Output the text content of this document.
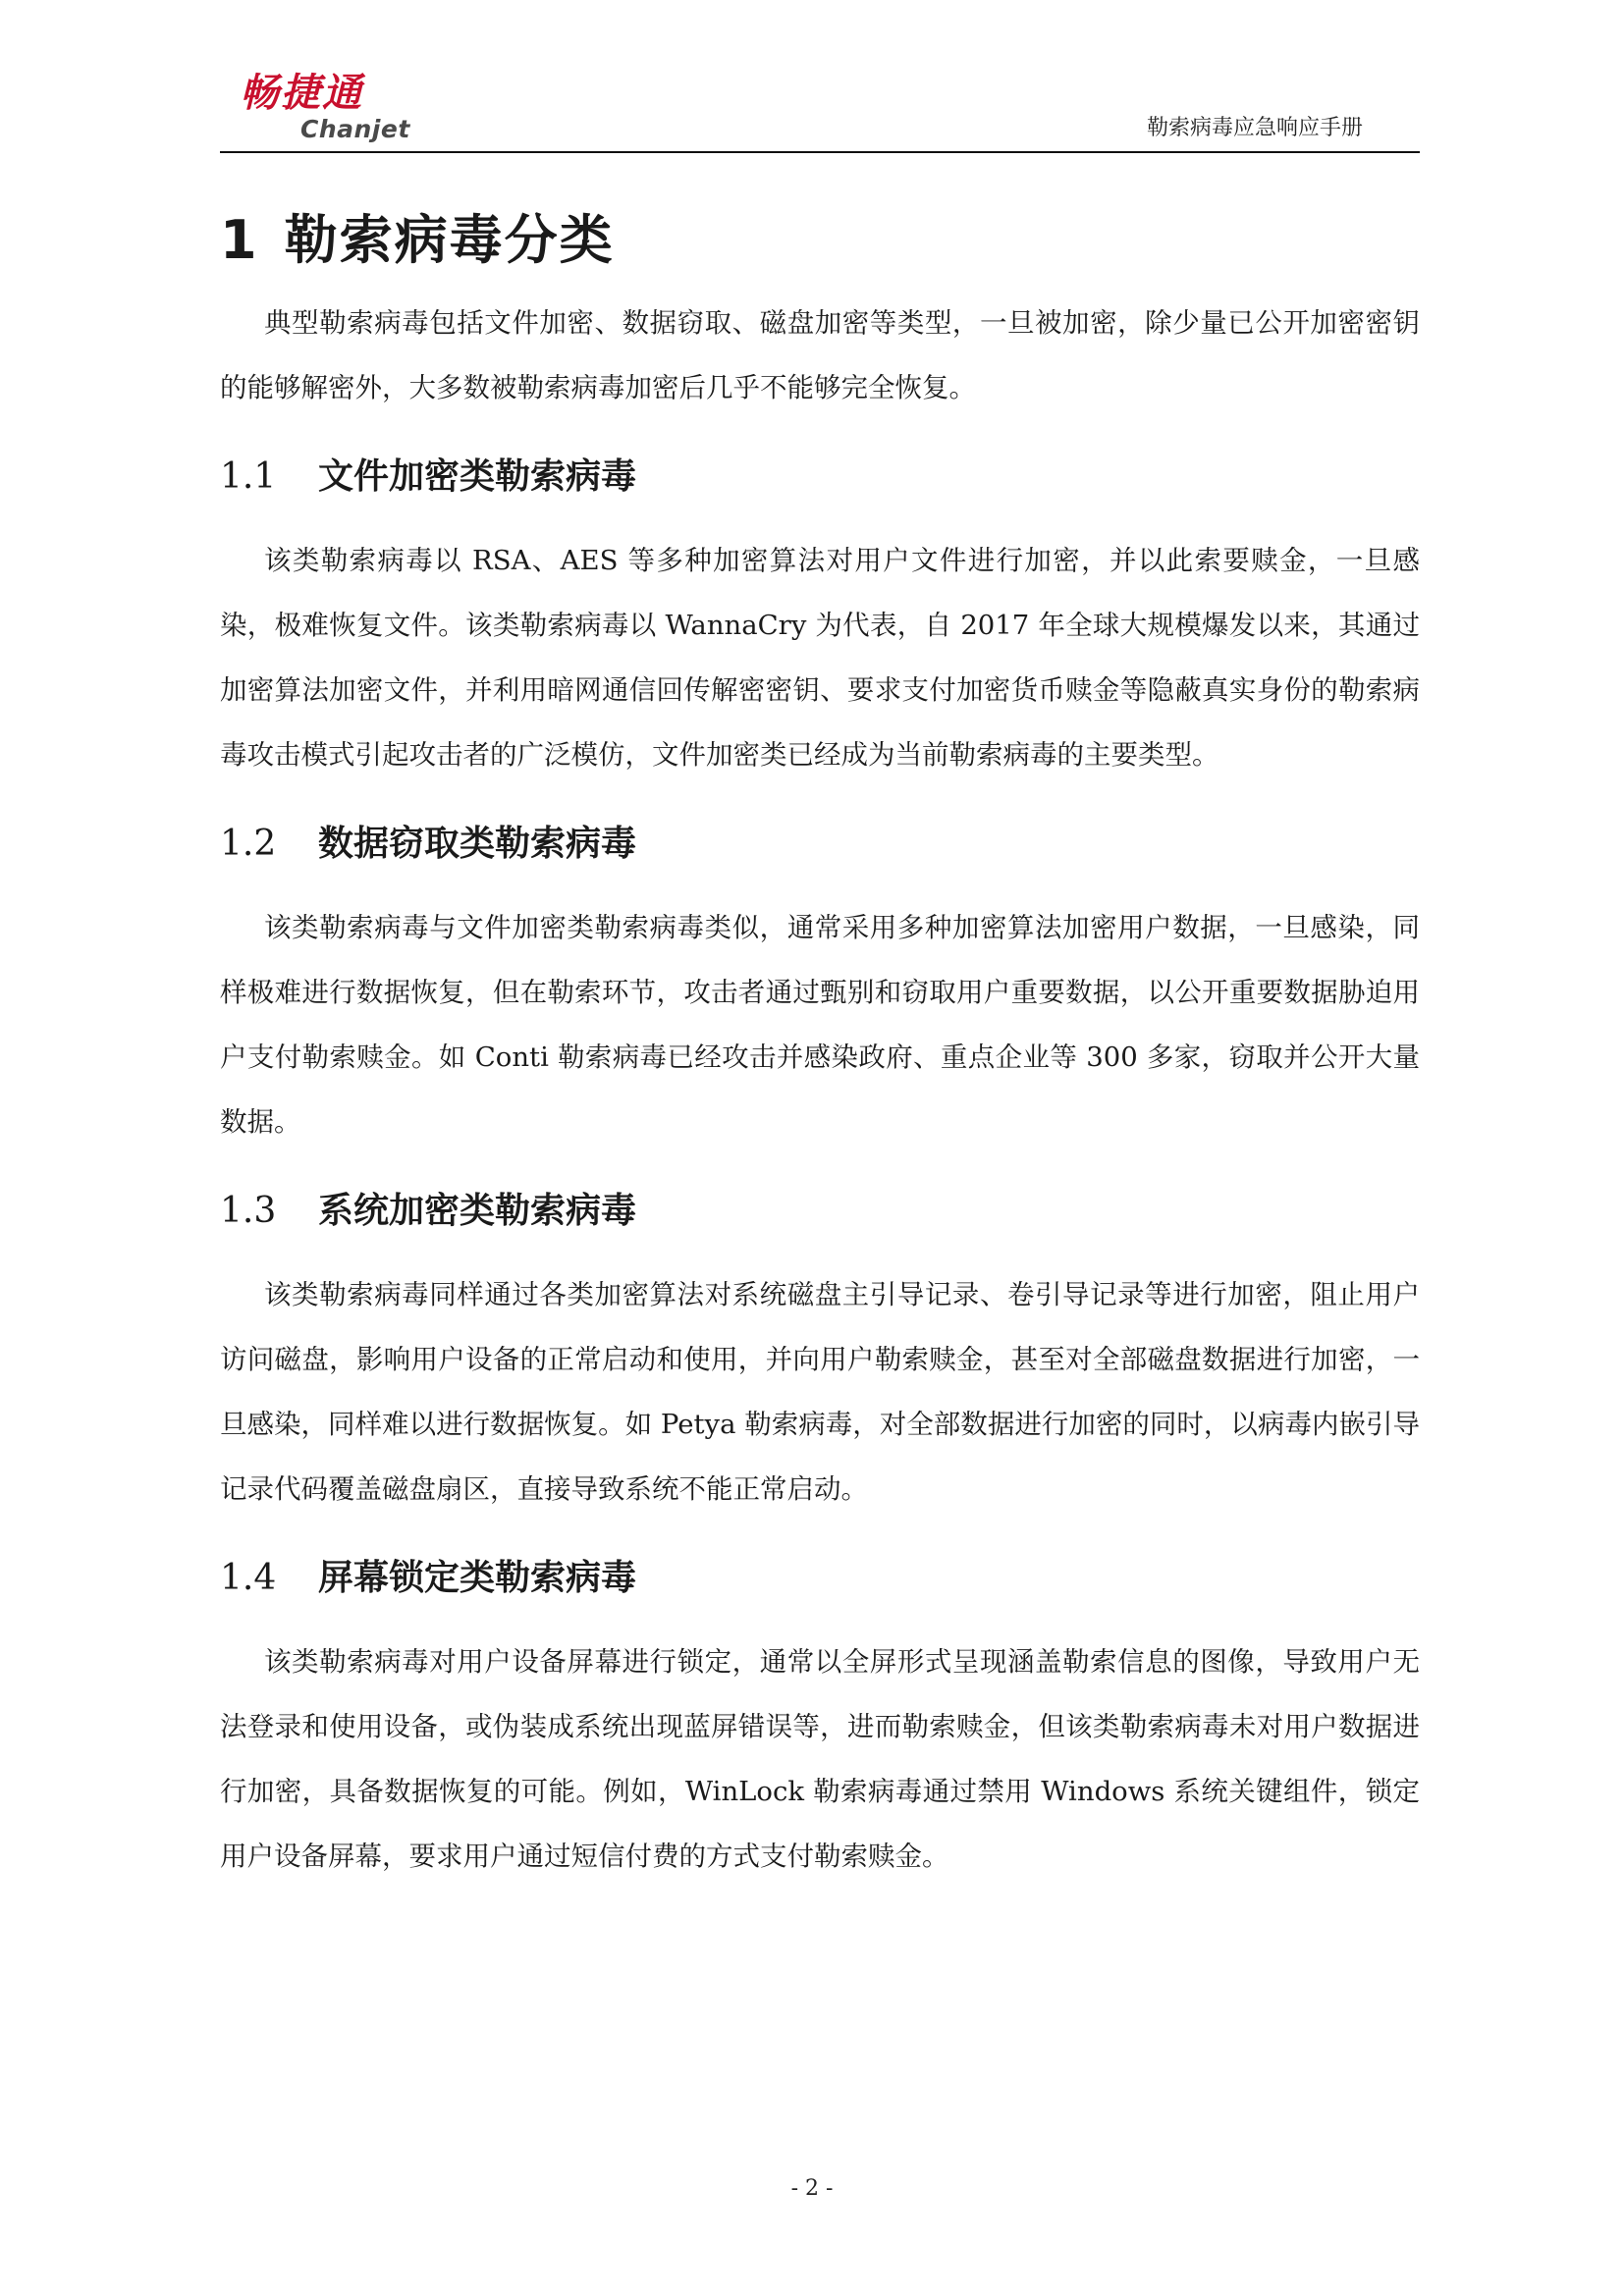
畅捷通
Chanjet	勒索病毒应急响应手册
1 勒索病毒分类

典型勒索病毒包括文件加密、数据窃取、磁盘加密等类型，一旦被加密，除少量已公开加密密钥的能够解密外，大多数被勒索病毒加密后几乎不能够完全恢复。

1.1 文件加密类勒索病毒

该类勒索病毒以 RSA、AES 等多种加密算法对用户文件进行加密，并以此索要赎金，一旦感染，极难恢复文件。该类勒索病毒以 WannaCry 为代表，自 2017 年全球大规模爆发以来，其通过加密算法加密文件，并利用暗网通信回传解密密钥、要求支付加密货币赎金等隐蔽真实身份的勒索病毒攻击模式引起攻击者的广泛模仿，文件加密类已经成为当前勒索病毒的主要类型。

1.2 数据窃取类勒索病毒

该类勒索病毒与文件加密类勒索病毒类似，通常采用多种加密算法加密用户数据，一旦感染，同样极难进行数据恢复，但在勒索环节，攻击者通过甄别和窃取用户重要数据，以公开重要数据胁迫用户支付勒索赎金。如 Conti 勒索病毒已经攻击并感染政府、重点企业等 300 多家，窃取并公开大量数据。

1.3 系统加密类勒索病毒

该类勒索病毒同样通过各类加密算法对系统磁盘主引导记录、卷引导记录等进行加密，阻止用户访问磁盘，影响用户设备的正常启动和使用，并向用户勒索赎金，甚至对全部磁盘数据进行加密，一旦感染，同样难以进行数据恢复。如 Petya 勒索病毒，对全部数据进行加密的同时，以病毒内嵌引导记录代码覆盖磁盘扇区，直接导致系统不能正常启动。

1.4 屏幕锁定类勒索病毒

该类勒索病毒对用户设备屏幕进行锁定，通常以全屏形式呈现涵盖勒索信息的图像，导致用户无法登录和使用设备，或伪装成系统出现蓝屏错误等，进而勒索赎金，但该类勒索病毒未对用户数据进行加密，具备数据恢复的可能。例如，WinLock 勒索病毒通过禁用 Windows 系统关键组件，锁定用户设备屏幕，要求用户通过短信付费的方式支付勒索赎金。

- 2 -
